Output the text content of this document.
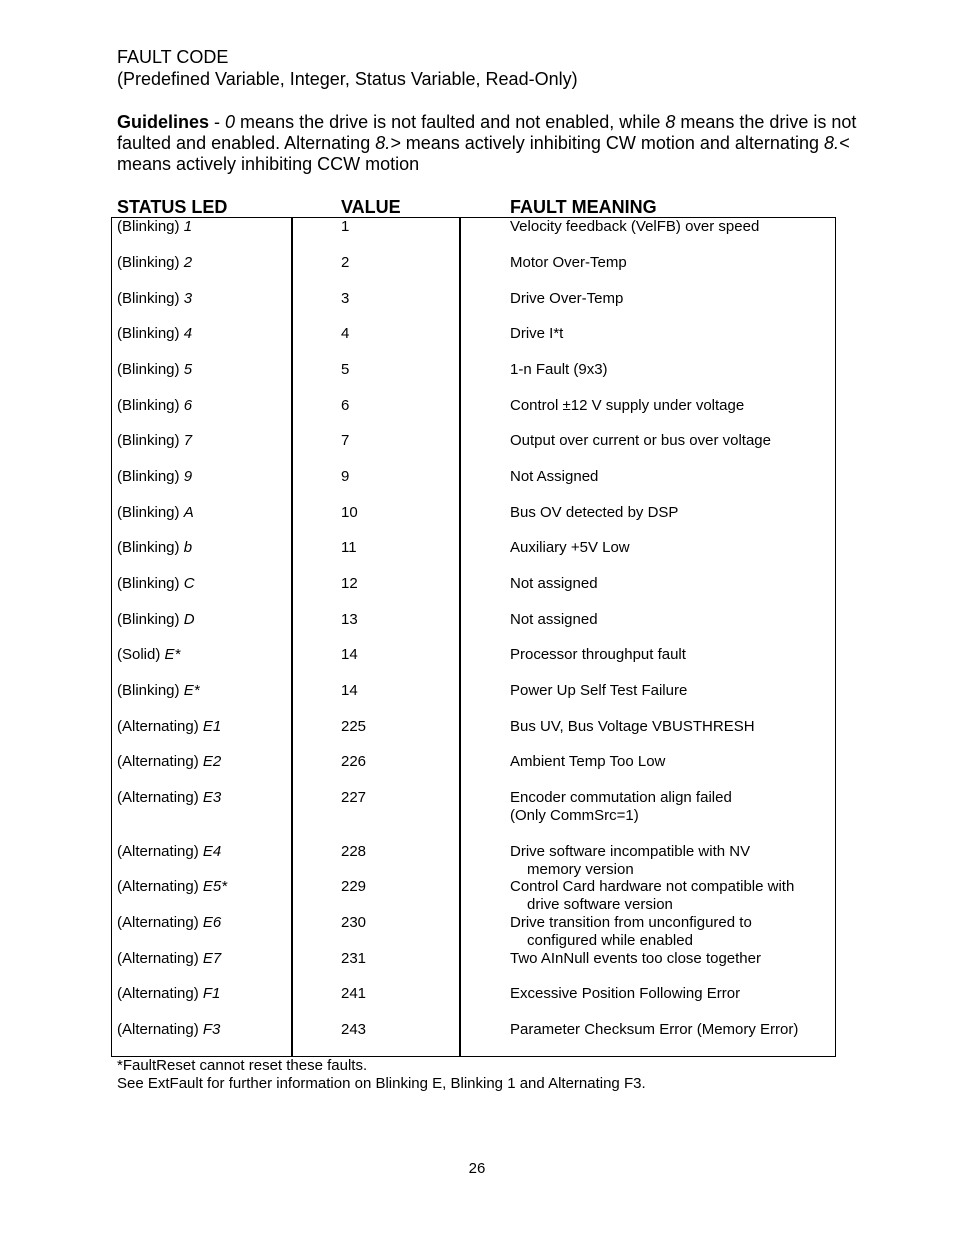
FAULT CODE
(Predefined Variable, Integer, Status Variable, Read-Only)
Guidelines - 0 means the drive is not faulted and not enabled, while 8 means the drive is not faulted and enabled. Alternating 8.> means actively inhibiting CW motion and alternating 8.< means actively inhibiting CCW motion
STATUS LED	VALUE	FAULT MEANING
(Blinking) 1	1	Velocity feedback (VelFB) over speed
(Blinking) 2	2	Motor Over-Temp
(Blinking) 3	3	Drive Over-Temp
(Blinking) 4	4	Drive I*t
(Blinking) 5	5	1-n Fault (9x3)
(Blinking) 6	6	Control ±12 V supply under voltage
(Blinking) 7	7	Output over current or bus over voltage
(Blinking) 9	9	Not Assigned
(Blinking) A	10	Bus OV detected by DSP
(Blinking) b	11	Auxiliary +5V Low
(Blinking) C	12	Not assigned
(Blinking) D	13	Not assigned
(Solid) E*	14	Processor throughput fault
(Blinking) E*	14	Power Up Self Test Failure
(Alternating) E1	225	Bus UV, Bus Voltage VBUSTHRESH
(Alternating) E2	226	Ambient Temp Too Low
(Alternating) E3	227	Encoder commutation align failed
(Only CommSrc=1)
(Alternating) E4	228	Drive software incompatible with NV
memory version
(Alternating) E5*	229	Control Card hardware not compatible with
drive software version
(Alternating) E6	230	Drive transition from unconfigured to
configured while enabled
(Alternating) E7	231	Two AInNull events too close together
(Alternating) F1	241	Excessive Position Following Error
(Alternating) F3	243	Parameter Checksum Error (Memory Error)
*FaultReset cannot reset these faults.
See ExtFault for further information on Blinking E, Blinking 1 and Alternating F3.
26
